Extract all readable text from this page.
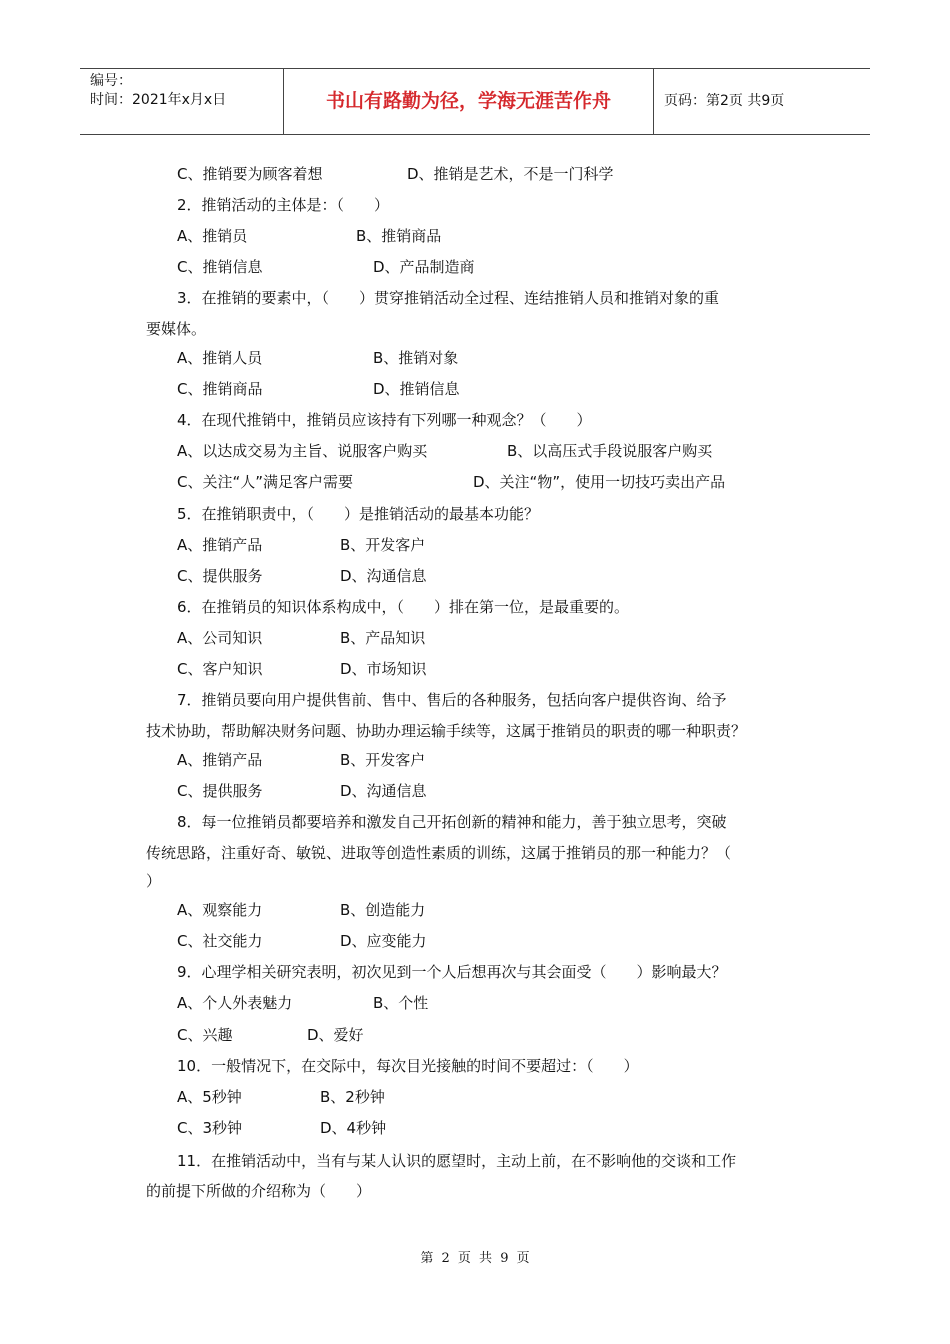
编号：
时间：2021年x月x日	书山有路勤为径，学海无涯苦作舟	页码：第2页 共9页
C、推销要为顾客着想	D、推销是艺术，不是一门科学
2．推销活动的主体是：（　　）
A、推销员	B、推销商品
C、推销信息	D、产品制造商
3．在推销的要素中，（　　）贯穿推销活动全过程、连结推销人员和推销对象的重
要媒体。
A、推销人员	B、推销对象
C、推销商品	D、推销信息
4．在现代推销中，推销员应该持有下列哪一种观念？（　　）
A、以达成交易为主旨、说服客户购买	B、以高压式手段说服客户购买
C、关注“人”满足客户需要	D、关注“物”，使用一切技巧卖出产品
5．在推销职责中，（　　）是推销活动的最基本功能？
A、推销产品	B、开发客户
C、提供服务	D、沟通信息
6．在推销员的知识体系构成中，（　　）排在第一位，是最重要的。
A、公司知识	B、产品知识
C、客户知识	D、市场知识
7．推销员要向用户提供售前、售中、售后的各种服务，包括向客户提供咨询、给予
技术协助，帮助解决财务问题、协助办理运输手续等，这属于推销员的职责的哪一种职责？
A、推销产品	B、开发客户
C、提供服务	D、沟通信息
8．每一位推销员都要培养和激发自己开拓创新的精神和能力，善于独立思考，突破
传统思路，注重好奇、敏锐、进取等创造性素质的训练，这属于推销员的那一种能力？（
）
A、观察能力	B、创造能力
C、社交能力	D、应变能力
9．心理学相关研究表明，初次见到一个人后想再次与其会面受（　　）影响最大？
A、个人外表魅力	B、个性
C、兴趣	D、爱好
10．一般情况下，在交际中，每次目光接触的时间不要超过：（　　）
A、5秒钟	B、2秒钟
C、3秒钟	D、4秒钟
11．在推销活动中，当有与某人认识的愿望时，主动上前，在不影响他的交谈和工作
的前提下所做的介绍称为（　　）
第 2 页 共 9 页
